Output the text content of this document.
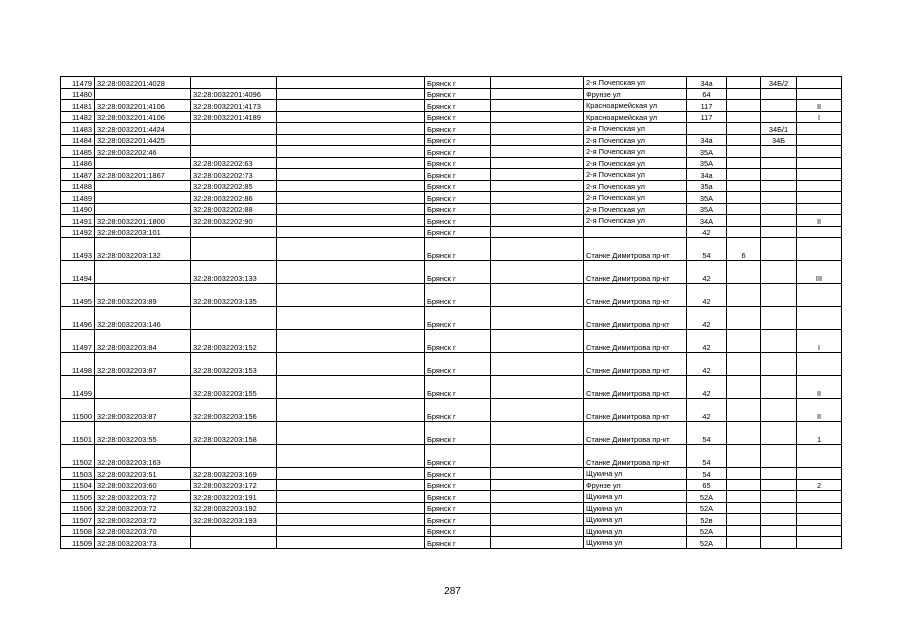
11479	32:28:0032201:4028			Брянск г		2-я Почепская ул	34а		34Б/2	
11480		32:28:0032201:4096		Брянск г		Фрунзе ул	64			
11481	32:28:0032201:4106	32:28:0032201:4173		Брянск г		Красноармейская ул	117			II
11482	32:28:0032201:4106	32:28:0032201:4189		Брянск г		Красноармейская ул	117			I
11483	32:28:0032201:4424			Брянск г		2-я Почепская ул			34Б/1	
11484	32:28:0032201:4425			Брянск г		2-я Почепская ул	34а		34Б	
11485	32:28:0032202:46			Брянск г		2-я Почепская ул	35А			
11486		32:28:0032202:63		Брянск г		2-я Почепская ул	35А			
11487	32:28:0032201:1867	32:28:0032202:73		Брянск г		2-я Почепская ул	34а			
11488		32:28:0032202:85		Брянск г		2-я Почепская ул	35а			
11489		32:28:0032202:86		Брянск г		2-я Почепская ул	35А			
11490		32:28:0032202:88		Брянск г		2-я Почепская ул	35А			
11491	32:28:0032201:1800	32:28:0032202:90		Брянск г		2-я Почепская ул	34А			II
11492	32:28:0032203:101			Брянск г			42			
11493	32:28:0032203:132			Брянск г		Станке Димитрова пр-кт	54	6		
11494		32:28:0032203:133		Брянск г		Станке Димитрова пр-кт	42			III
11495	32:28:0032203:89	32:28:0032203:135		Брянск г		Станке Димитрова пр-кт	42			
11496	32:28:0032203:146			Брянск г		Станке Димитрова пр-кт	42			
11497	32:28:0032203:84	32:28:0032203:152		Брянск г		Станке Димитрова пр-кт	42			I
11498	32:28:0032203:87	32:28:0032203:153		Брянск г		Станке Димитрова пр-кт	42			
11499		32:28:0032203:155		Брянск г		Станке Димитрова пр-кт	42			II
11500	32:28:0032203:87	32:28:0032203:156		Брянск г		Станке Димитрова пр-кт	42			II
11501	32:28:0032203:55	32:28:0032203:158		Брянск г		Станке Димитрова пр-кт	54			1
11502	32:28:0032203:163			Брянск г		Станке Димитрова пр-кт	54			
11503	32:28:0032203:51	32:28:0032203:169		Брянск г		Щукина ул	54			
11504	32:28:0032203:60	32:28:0032203:172		Брянск г		Фрунзе ул	65			2
11505	32:28:0032203:72	32:28:0032203:191		Брянск г		Щукина ул	52А			
11506	32:28:0032203:72	32:28:0032203:192		Брянск г		Щукина ул	52А			
11507	32:28:0032203:72	32:28:0032203:193		Брянск г		Щукина ул	52в			
11508	32:28:0032203:70			Брянск г		Щукина ул	52А			
11509	32:28:0032203:73			Брянск г		Щукина ул	52А			
287
